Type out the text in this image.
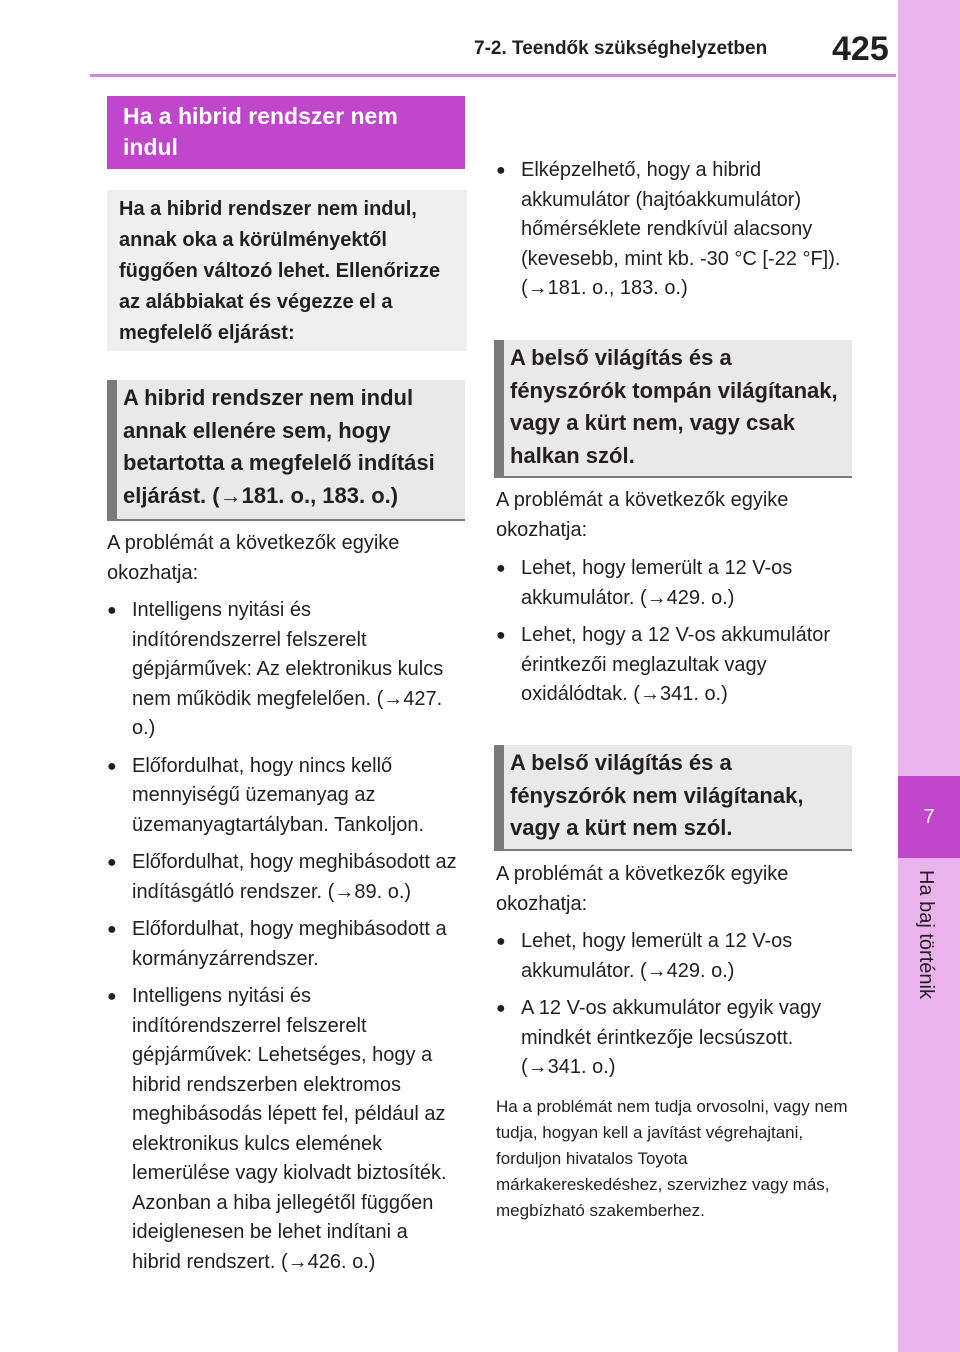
7-2. Teendők szükséghelyzetben 425
7
Ha baj történik
Ha a hibrid rendszer nem indul
Ha a hibrid rendszer nem indul, annak oka a körülményektől függően változó lehet. Ellenőrizze az alábbiakat és végezze el a megfelelő eljárást:
A hibrid rendszer nem indul annak ellenére sem, hogy betartotta a megfelelő indítási eljárást. (→181. o., 183. o.)
A problémát a következők egyike okozhatja:
● Intelligens nyitási és indítórendszerrel felszerelt gépjárművek: Az elektronikus kulcs nem működik megfelelően. (→427. o.)
● Előfordulhat, hogy nincs kellő mennyiségű üzemanyag az üzemanyagtartályban. Tankoljon.
● Előfordulhat, hogy meghibásodott az indításgátló rendszer. (→89. o.)
● Előfordulhat, hogy meghibásodott a kormányzárrendszer.
● Intelligens nyitási és indítórendszerrel felszerelt gépjárművek: Lehetséges, hogy a hibrid rendszerben elektromos meghibásodás lépett fel, például az elektronikus kulcs elemének lemerülése vagy kiolvadt biztosíték. Azonban a hiba jellegétől függően ideiglenesen be lehet indítani a hibrid rendszert. (→426. o.)
● Elképzelhető, hogy a hibrid akkumulátor (hajtóakkumulátor) hőmérséklete rendkívül alacsony (kevesebb, mint kb. -30 °C [-22 °F]). (→181. o., 183. o.)
A belső világítás és a fényszórók tompán világítanak, vagy a kürt nem, vagy csak halkan szól.
A problémát a következők egyike okozhatja:
● Lehet, hogy lemerült a 12 V-os akkumulátor. (→429. o.)
● Lehet, hogy a 12 V-os akkumulátor érintkezői meglazultak vagy oxidálódtak. (→341. o.)
A belső világítás és a fényszórók nem világítanak, vagy a kürt nem szól.
A problémát a következők egyike okozhatja:
● Lehet, hogy lemerült a 12 V-os akkumulátor. (→429. o.)
● A 12 V-os akkumulátor egyik vagy mindkét érintkezője lecsúszott. (→341. o.)
Ha a problémát nem tudja orvosolni, vagy nem tudja, hogyan kell a javítást végrehajtani, forduljon hivatalos Toyota márkakereskedéshez, szervizhez vagy más, megbízható szakemberhez.
